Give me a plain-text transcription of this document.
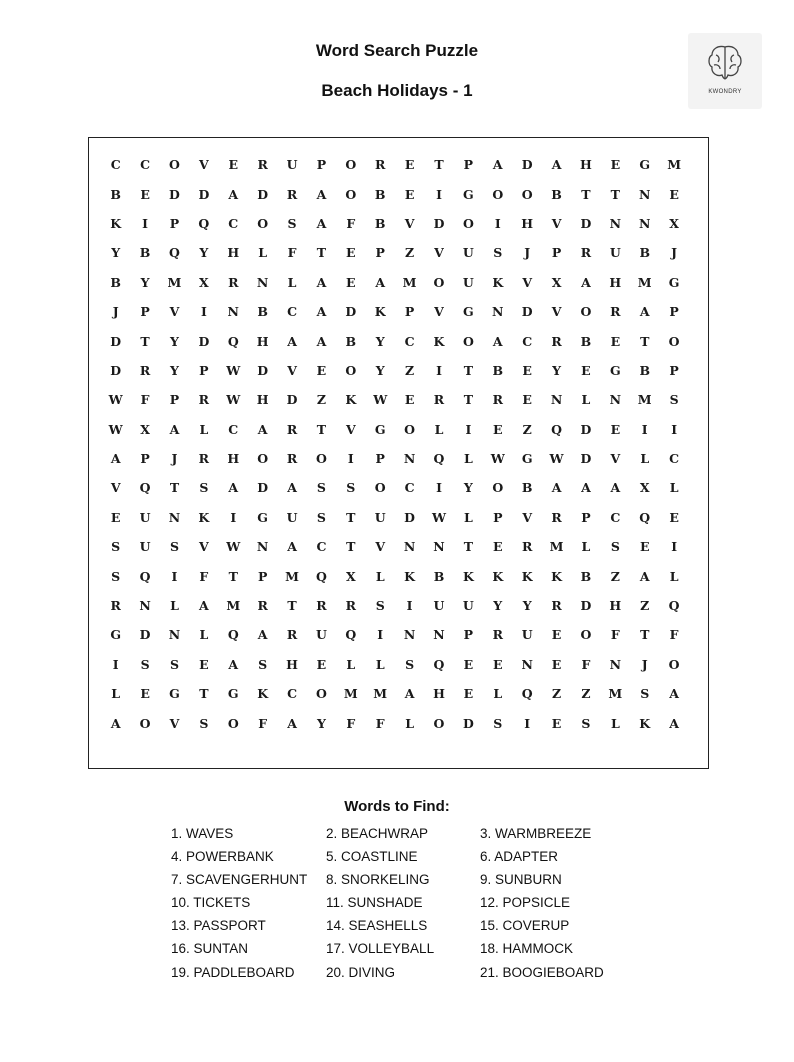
Word Search Puzzle
Beach Holidays - 1	KWONDRY
C	C	O	V	E	R	U	P	O	R	E	T	P	A	D	A	H	E	G	M
B	E	D	D	A	D	R	A	O	B	E	I	G	O	O	B	T	T	N	E
K	I	P	Q	C	O	S	A	F	B	V	D	O	I	H	V	D	N	N	X
Y	B	Q	Y	H	L	F	T	E	P	Z	V	U	S	J	P	R	U	B	J
B	Y	M	X	R	N	L	A	E	A	M	O	U	K	V	X	A	H	M	G
J	P	V	I	N	B	C	A	D	K	P	V	G	N	D	V	O	R	A	P
D	T	Y	D	Q	H	A	A	B	Y	C	K	O	A	C	R	B	E	T	O
D	R	Y	P	W	D	V	E	O	Y	Z	I	T	B	E	Y	E	G	B	P
W	F	P	R	W	H	D	Z	K	W	E	R	T	R	E	N	L	N	M	S
W	X	A	L	C	A	R	T	V	G	O	L	I	E	Z	Q	D	E	I	I
A	P	J	R	H	O	R	O	I	P	N	Q	L	W	G	W	D	V	L	C
V	Q	T	S	A	D	A	S	S	O	C	I	Y	O	B	A	A	A	X	L
E	U	N	K	I	G	U	S	T	U	D	W	L	P	V	R	P	C	Q	E
S	U	S	V	W	N	A	C	T	V	N	N	T	E	R	M	L	S	E	I
S	Q	I	F	T	P	M	Q	X	L	K	B	K	K	K	K	B	Z	A	L
R	N	L	A	M	R	T	R	R	S	I	U	U	Y	Y	R	D	H	Z	Q
G	D	N	L	Q	A	R	U	Q	I	N	N	P	R	U	E	O	F	T	F
I	S	S	E	A	S	H	E	L	L	S	Q	E	E	N	E	F	N	J	O
L	E	G	T	G	K	C	O	M	M	A	H	E	L	Q	Z	Z	M	S	A
A	O	V	S	O	F	A	Y	F	F	L	O	D	S	I	E	S	L	K	A
Words to Find:
1. WAVES	2. BEACHWRAP	3. WARMBREEZE
4. POWERBANK	5. COASTLINE	6. ADAPTER
7. SCAVENGERHUNT	8. SNORKELING	9. SUNBURN
10. TICKETS	11. SUNSHADE	12. POPSICLE
13. PASSPORT	14. SEASHELLS	15. COVERUP
16. SUNTAN	17. VOLLEYBALL	18. HAMMOCK
19. PADDLEBOARD	20. DIVING	21. BOOGIEBOARD
